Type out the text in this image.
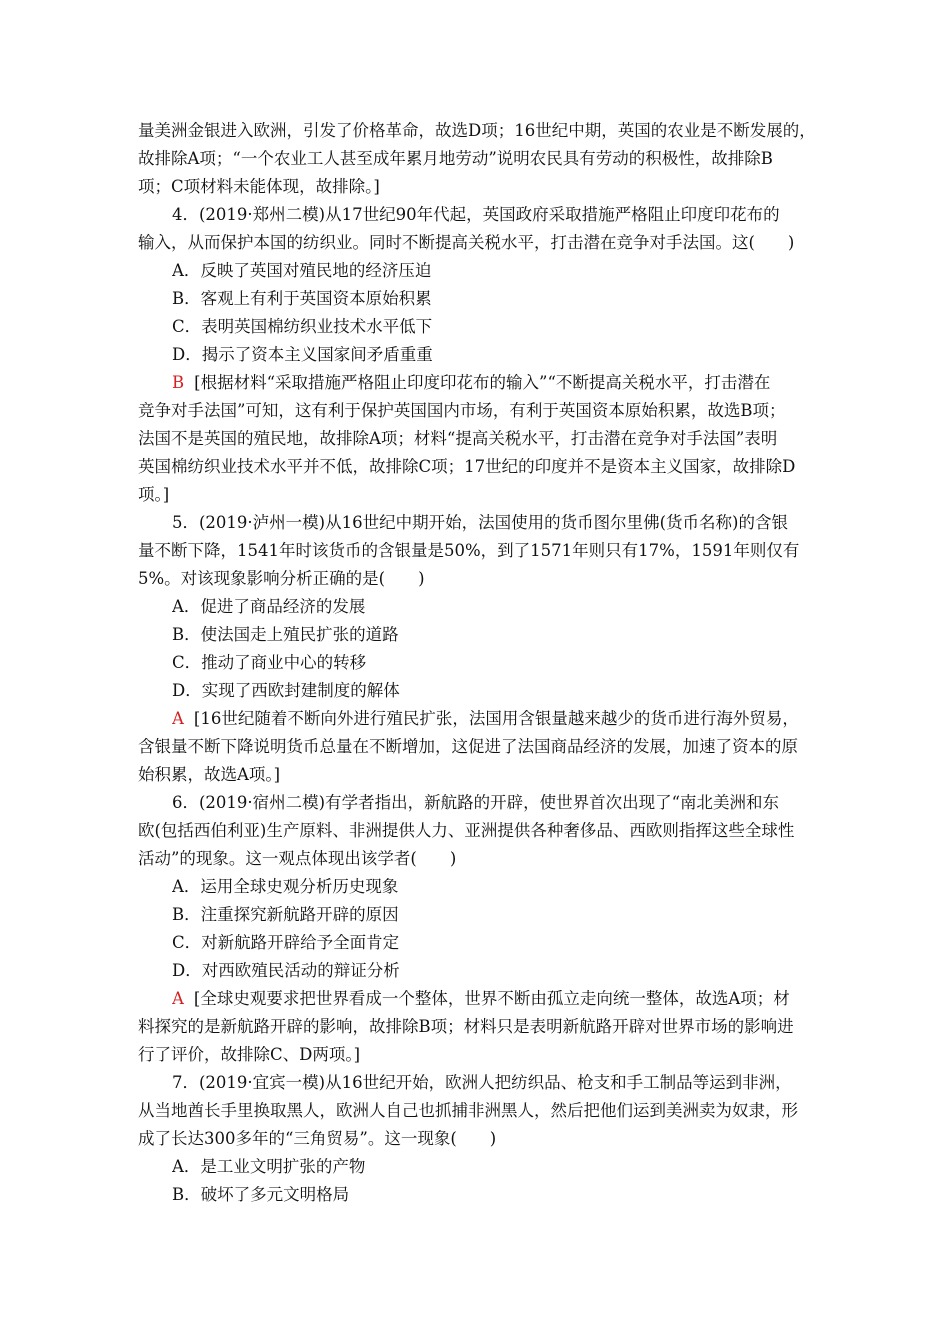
量美洲金银进入欧洲，引发了价格革命，故选D项；16世纪中期，英国的农业是不断发展的，
故排除A项；“一个农业工人甚至成年累月地劳动”说明农民具有劳动的积极性，故排除B
项；C项材料未能体现，故排除。]
4．(2019·郑州二模)从17世纪90年代起，英国政府采取措施严格阻止印度印花布的
输入，从而保护本国的纺织业。同时不断提高关税水平，打击潜在竞争对手法国。这(　　)
A．反映了英国对殖民地的经济压迫
B．客观上有利于英国资本原始积累
C．表明英国棉纺织业技术水平低下
D．揭示了资本主义国家间矛盾重重
B [根据材料“采取措施严格阻止印度印花布的输入”“不断提高关税水平，打击潜在
竞争对手法国”可知，这有利于保护英国国内市场，有利于英国资本原始积累，故选B项；
法国不是英国的殖民地，故排除A项；材料“提高关税水平，打击潜在竞争对手法国”表明
英国棉纺织业技术水平并不低，故排除C项；17世纪的印度并不是资本主义国家，故排除D
项。]
5．(2019·泸州一模)从16世纪中期开始，法国使用的货币图尔里佛(货币名称)的含银
量不断下降，1541年时该货币的含银量是50%，到了1571年则只有17%，1591年则仅有
5%。对该现象影响分析正确的是(　　)
A．促进了商品经济的发展
B．使法国走上殖民扩张的道路
C．推动了商业中心的转移
D．实现了西欧封建制度的解体
A [16世纪随着不断向外进行殖民扩张，法国用含银量越来越少的货币进行海外贸易，
含银量不断下降说明货币总量在不断增加，这促进了法国商品经济的发展，加速了资本的原
始积累，故选A项。]
6．(2019·宿州二模)有学者指出，新航路的开辟，使世界首次出现了“南北美洲和东
欧(包括西伯利亚)生产原料、非洲提供人力、亚洲提供各种奢侈品、西欧则指挥这些全球性
活动”的现象。这一观点体现出该学者(　　)
A．运用全球史观分析历史现象
B．注重探究新航路开辟的原因
C．对新航路开辟给予全面肯定
D．对西欧殖民活动的辩证分析
A [全球史观要求把世界看成一个整体，世界不断由孤立走向统一整体，故选A项；材
料探究的是新航路开辟的影响，故排除B项；材料只是表明新航路开辟对世界市场的影响进
行了评价，故排除C、D两项。]
7．(2019·宜宾一模)从16世纪开始，欧洲人把纺织品、枪支和手工制品等运到非洲，
从当地酋长手里换取黑人，欧洲人自己也抓捕非洲黑人，然后把他们运到美洲卖为奴隶，形
成了长达300多年的“三角贸易”。这一现象(　　)
A．是工业文明扩张的产物
B．破坏了多元文明格局
